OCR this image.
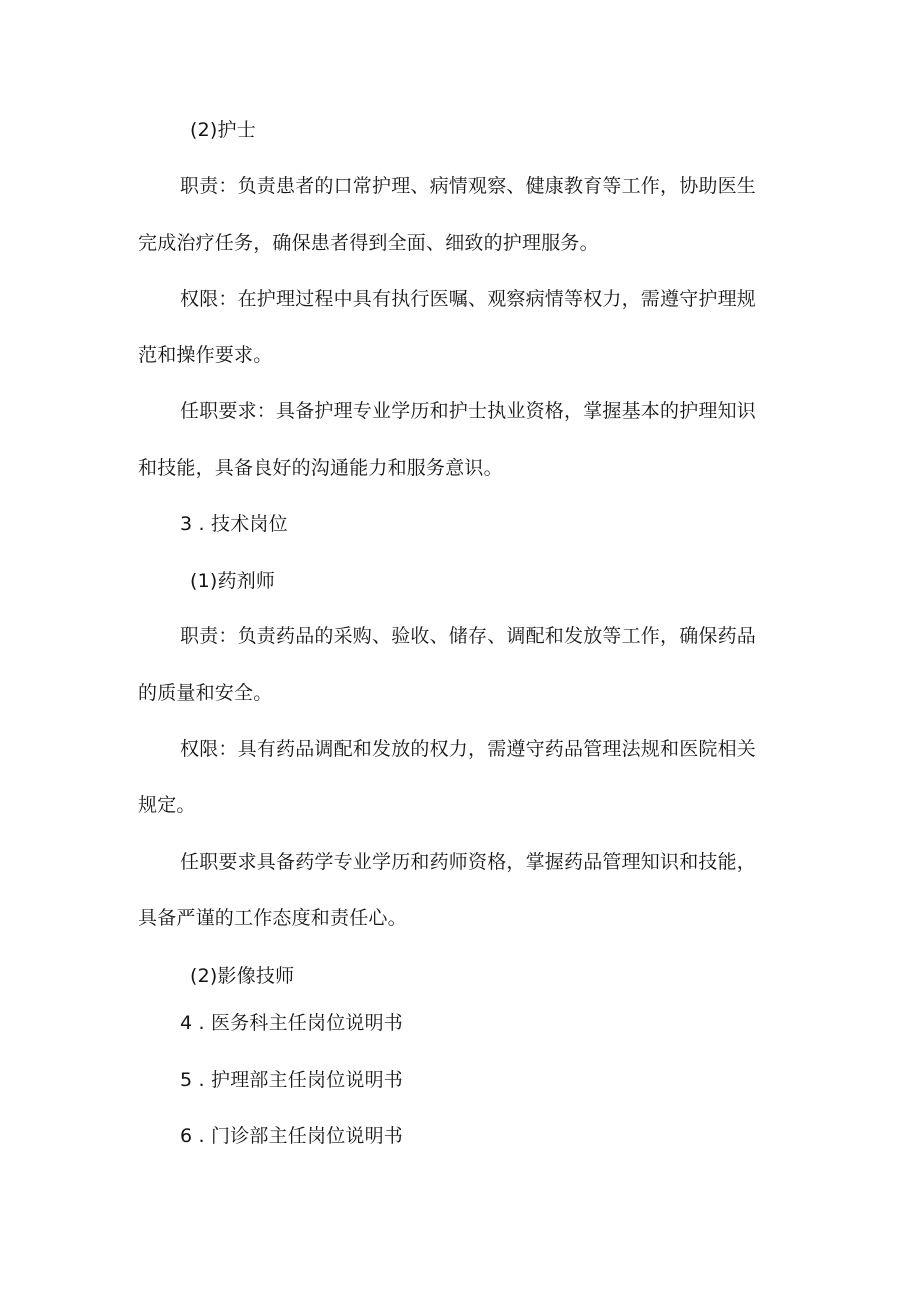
(2)护士
职责：负责患者的口常护理、病情观察、健康教育等工作，协助医生
完成治疗任务，确保患者得到全面、细致的护理服务。
权限：在护理过程中具有执行医嘱、观察病情等权力，需遵守护理规
范和操作要求。
任职要求：具备护理专业学历和护士执业资格，掌握基本的护理知识
和技能，具备良好的沟通能力和服务意识。
3 . 技术岗位
(1)药剂师
职责：负责药品的采购、验收、储存、调配和发放等工作，确保药品
的质量和安全。
权限：具有药品调配和发放的权力，需遵守药品管理法规和医院相关
规定。
任职要求具备药学专业学历和药师资格，掌握药品管理知识和技能，
具备严谨的工作态度和责任心。
(2)影像技师
4 . 医务科主任岗位说明书
5 . 护理部主任岗位说明书
6 . 门诊部主任岗位说明书
